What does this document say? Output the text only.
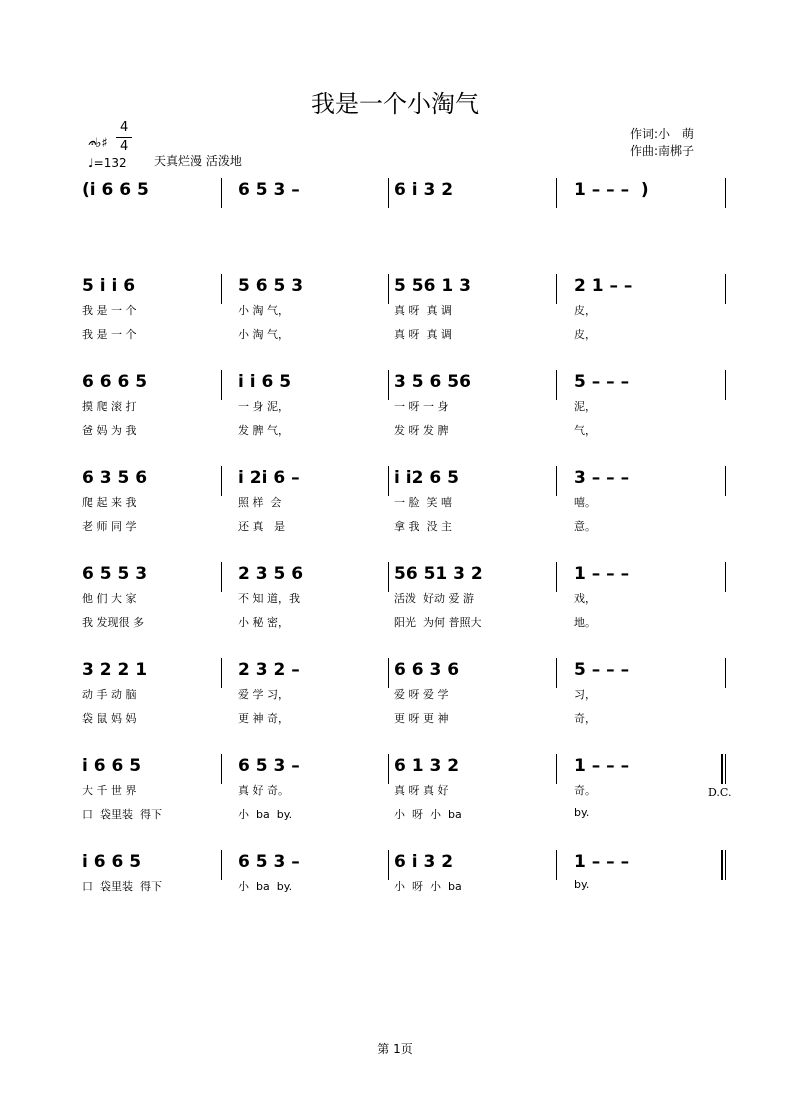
我是一个小淘气
作词:小　萌
作曲:南梆子
𝄐♭♯
4
4
♩=132 天真烂漫 活泼地
(i 6 6 5	6 5 3 –	6 i 3 2	1 – – –  )
5 i i 6	5 6 5 3	5 56 1 3	2 1 – –
我 是 一 个	小 淘 气，	真 呀  真 调	皮，
我 是 一 个	小 淘 气，	真 呀  真 调	皮，
6 6 6 5	i i 6 5	3 5 6 56	5 – – –
摸 爬 滚 打	一 身 泥，	一 呀 一 身	泥，
爸 妈 为 我	发 脾 气，	发 呀 发 脾	气，
6 3 5 6	i 2i 6 –	i i2 6 5	3 – – –
爬 起 来 我	照 样  会	一 脸  笑 嘻	嘻。
老 师 同 学	还 真   是	拿 我  没 主	意。
6 5 5 3	2 3 5 6	56 51 3 2	1 – – –
他 们 大 家	不 知 道，我	活泼  好动 爱 游	戏，
我 发现很 多	小 秘 密，	阳光  为何 普照大	地。
3 2 2 1	2 3 2 –	6 6 3 6	5 – – –
动 手 动 脑	爱 学 习，	爱 呀 爱 学	习，
袋 鼠 妈 妈	更 神 奇，	更 呀 更 神	奇，
i 6 6 5	6 5 3 –	6 1 3 2	1 – – –
大 千 世 界	真 好 奇。	真 呀 真 好	奇。
口  袋里装  得下	小  ba  by.	小  呀  小  ba	by.
D.C.
i 6 6 5	6 5 3 –	6 i 3 2	1 – – –
口  袋里装  得下	小  ba  by.	小  呀  小  ba	by.
第 1页
